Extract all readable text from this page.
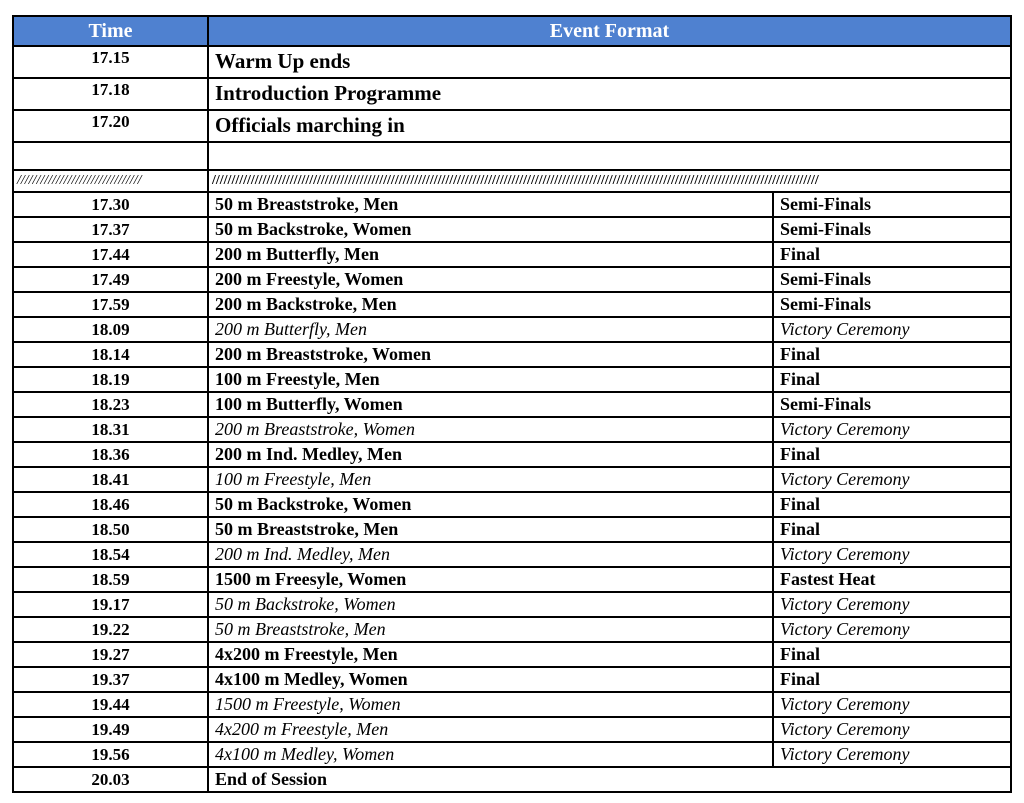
Time	Event Format	
17.15	Warm Up ends	
17.18	Introduction Programme	
17.20	Officials marching in	

////////////////////////////////	////////////////////////////////////////////////////////////////////////////////////////////////////////////////////////////////////////////////////////////	
17.30	50 m Breaststroke, Men	Semi-Finals
17.37	50 m Backstroke, Women	Semi-Finals
17.44	200 m Butterfly, Men	Final
17.49	200 m Freestyle, Women	Semi-Finals
17.59	200 m Backstroke, Men	Semi-Finals
18.09	200 m Butterfly, Men	Victory Ceremony
18.14	200 m Breaststroke, Women	Final
18.19	100 m Freestyle, Men	Final
18.23	100 m Butterfly, Women	Semi-Finals
18.31	200 m Breaststroke, Women	Victory Ceremony
18.36	200 m Ind. Medley, Men	Final
18.41	100 m Freestyle, Men	Victory Ceremony
18.46	50 m Backstroke, Women	Final
18.50	50 m Breaststroke, Men	Final
18.54	200 m Ind. Medley, Men	Victory Ceremony
18.59	1500 m Freesyle, Women	Fastest Heat
19.17	50 m Backstroke, Women	Victory Ceremony
19.22	50 m Breaststroke, Men	Victory Ceremony
19.27	4x200 m Freestyle, Men	Final
19.37	4x100 m Medley, Women	Final
19.44	1500 m Freestyle, Women	Victory Ceremony
19.49	4x200 m Freestyle, Men	Victory Ceremony
19.56	4x100 m Medley, Women	Victory Ceremony
20.03	End of Session	
